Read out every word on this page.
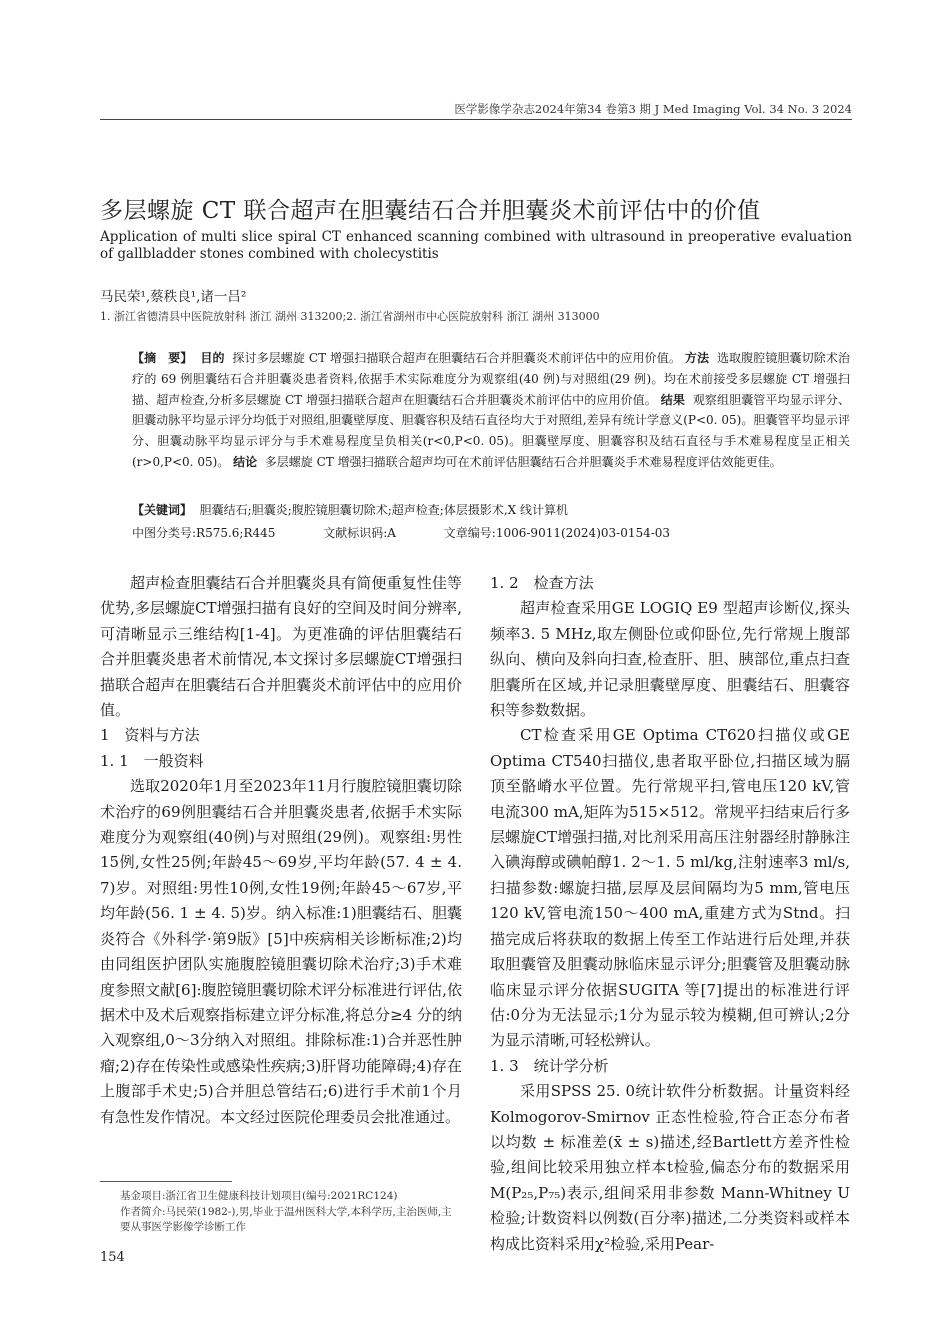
医学影像学杂志2024年第34 卷第3 期 J Med Imaging Vol. 34 No. 3 2024
多层螺旋 CT 联合超声在胆囊结石合并胆囊炎术前评估中的价值
Application of multi slice spiral CT enhanced scanning combined with ultrasound in preoperative evaluation of gallbladder stones combined with cholecystitis
马民荣¹,蔡秩良¹,诸一吕²
1. 浙江省德清县中医院放射科 浙江 湖州 313200;2. 浙江省湖州市中心医院放射科 浙江 湖州 313000
【摘　要】 目的 探讨多层螺旋 CT 增强扫描联合超声在胆囊结石合并胆囊炎术前评估中的应用价值。 方法 选取腹腔镜胆囊切除术治疗的 69 例胆囊结石合并胆囊炎患者资料,依据手术实际难度分为观察组(40 例)与对照组(29 例)。均在术前接受多层螺旋 CT 增强扫描、超声检查,分析多层螺旋 CT 增强扫描联合超声在胆囊结石合并胆囊炎术前评估中的应用价值。 结果 观察组胆囊管平均显示评分、胆囊动脉平均显示评分均低于对照组,胆囊壁厚度、胆囊容积及结石直径均大于对照组,差异有统计学意义(P<0. 05)。胆囊管平均显示评分、胆囊动脉平均显示评分与手术难易程度呈负相关(r<0,P<0. 05)。胆囊壁厚度、胆囊容积及结石直径与手术难易程度呈正相关(r>0,P<0. 05)。 结论 多层螺旋 CT 增强扫描联合超声均可在术前评估胆囊结石合并胆囊炎手术难易程度评估效能更佳。
【关键词】 胆囊结石;胆囊炎;腹腔镜胆囊切除术;超声检查;体层摄影术,X 线计算机
中图分类号:R575.6;R445	文献标识码:A	文章编号:1006-9011(2024)03-0154-03

超声检查胆囊结石合并胆囊炎具有简便重复性佳等优势,多层螺旋CT增强扫描有良好的空间及时间分辨率,可清晰显示三维结构[1-4]。为更准确的评估胆囊结石合并胆囊炎患者术前情况,本文探讨多层螺旋CT增强扫描联合超声在胆囊结石合并胆囊炎术前评估中的应用价值。

1　资料与方法
1. 1　一般资料

选取2020年1月至2023年11月行腹腔镜胆囊切除术治疗的69例胆囊结石合并胆囊炎患者,依据手术实际难度分为观察组(40例)与对照组(29例)。观察组:男性15例,女性25例;年龄45～69岁,平均年龄(57. 4 ± 4. 7)岁。对照组:男性10例,女性19例;年龄45～67岁,平均年龄(56. 1 ± 4. 5)岁。纳入标准:1)胆囊结石、胆囊炎符合《外科学·第9版》[5]中疾病相关诊断标准;2)均由同组医护团队实施腹腔镜胆囊切除术治疗;3)手术难度参照文献[6]:腹腔镜胆囊切除术评分标准进行评估,依据术中及术后观察指标建立评分标准,将总分≥4 分的纳入观察组,0～3分纳入对照组。排除标准:1)合并恶性肿瘤;2)存在传染性或感染性疾病;3)肝肾功能障碍;4)存在上腹部手术史;5)合并胆总管结石;6)进行手术前1个月有急性发作情况。本文经过医院伦理委员会批准通过。

基金项目:浙江省卫生健康科技计划项目(编号:2021RC124)
作者简介:马民荣(1982-),男,毕业于温州医科大学,本科学历,主治医师,主要从事医学影像学诊断工作
1. 2　检查方法

超声检查采用GE LOGIQ E9 型超声诊断仪,探头频率3. 5 MHz,取左侧卧位或仰卧位,先行常规上腹部纵向、横向及斜向扫查,检查肝、胆、胰部位,重点扫查胆囊所在区域,并记录胆囊壁厚度、胆囊结石、胆囊容积等参数数据。

CT检查采用GE Optima CT620扫描仪或GE Optima CT540扫描仪,患者取平卧位,扫描区域为膈顶至骼嵴水平位置。先行常规平扫,管电压120 kV,管电流300 mA,矩阵为515×512。常规平扫结束后行多层螺旋CT增强扫描,对比剂采用高压注射器经肘静脉注入碘海醇或碘帕醇1. 2～1. 5 ml/kg,注射速率3 ml/s,扫描参数:螺旋扫描,层厚及层间隔均为5 mm,管电压120 kV,管电流150～400 mA,重建方式为Stnd。扫描完成后将获取的数据上传至工作站进行后处理,并获取胆囊管及胆囊动脉临床显示评分;胆囊管及胆囊动脉临床显示评分依据SUGITA 等[7]提出的标准进行评估:0分为无法显示;1分为显示较为模糊,但可辨认;2分为显示清晰,可轻松辨认。

1. 3　统计学分析

采用SPSS 25. 0统计软件分析数据。计量资料经 Kolmogorov-Smirnov 正态性检验,符合正态分布者以均数 ± 标准差(x̄ ± s)描述,经Bartlett方差齐性检验,组间比较采用独立样本t检验,偏态分布的数据采用 M(P₂₅,P₇₅)表示,组间采用非参数 Mann-Whitney U检验;计数资料以例数(百分率)描述,二分类资料或样本构成比资料采用χ²检验,采用Pear-

154
